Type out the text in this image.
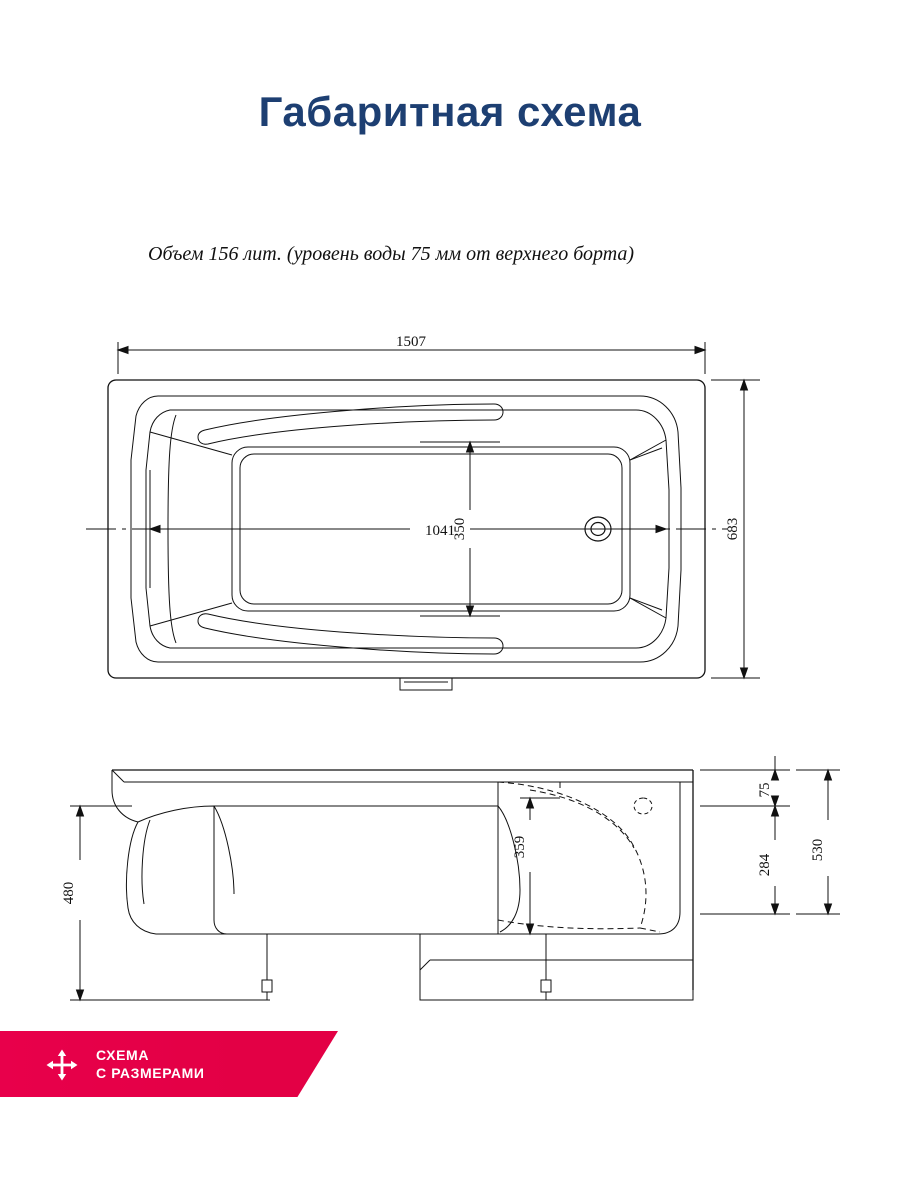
Габаритная схема
Объем 156 лит. (уровень воды 75 мм от верхнего борта)
1507
683
1041
350
480
359
75
284
530
СХЕМА
С РАЗМЕРАМИ
